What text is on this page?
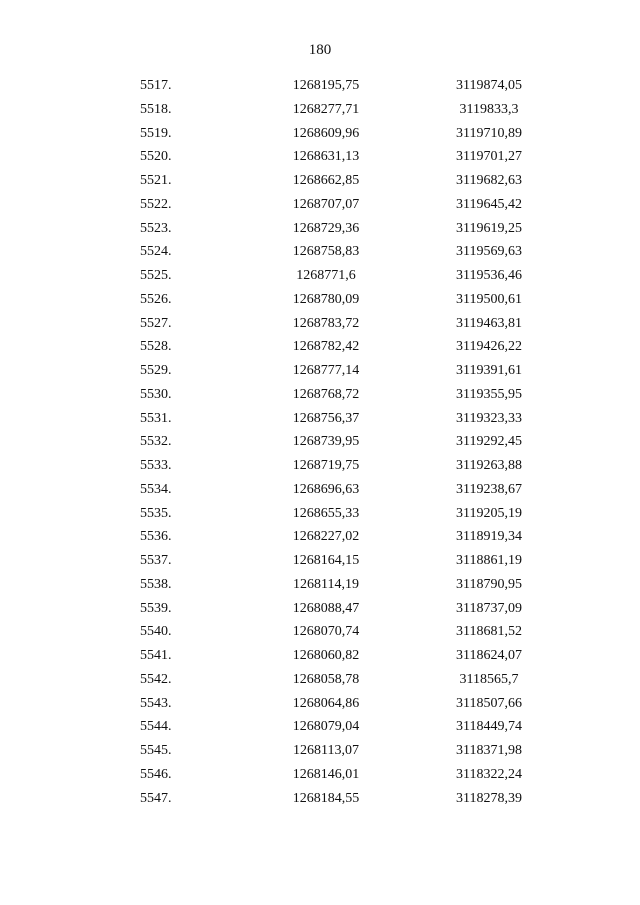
180
5517.	1268195,75	3119874,05
5518.	1268277,71	3119833,3
5519.	1268609,96	3119710,89
5520.	1268631,13	3119701,27
5521.	1268662,85	3119682,63
5522.	1268707,07	3119645,42
5523.	1268729,36	3119619,25
5524.	1268758,83	3119569,63
5525.	1268771,6	3119536,46
5526.	1268780,09	3119500,61
5527.	1268783,72	3119463,81
5528.	1268782,42	3119426,22
5529.	1268777,14	3119391,61
5530.	1268768,72	3119355,95
5531.	1268756,37	3119323,33
5532.	1268739,95	3119292,45
5533.	1268719,75	3119263,88
5534.	1268696,63	3119238,67
5535.	1268655,33	3119205,19
5536.	1268227,02	3118919,34
5537.	1268164,15	3118861,19
5538.	1268114,19	3118790,95
5539.	1268088,47	3118737,09
5540.	1268070,74	3118681,52
5541.	1268060,82	3118624,07
5542.	1268058,78	3118565,7
5543.	1268064,86	3118507,66
5544.	1268079,04	3118449,74
5545.	1268113,07	3118371,98
5546.	1268146,01	3118322,24
5547.	1268184,55	3118278,39
